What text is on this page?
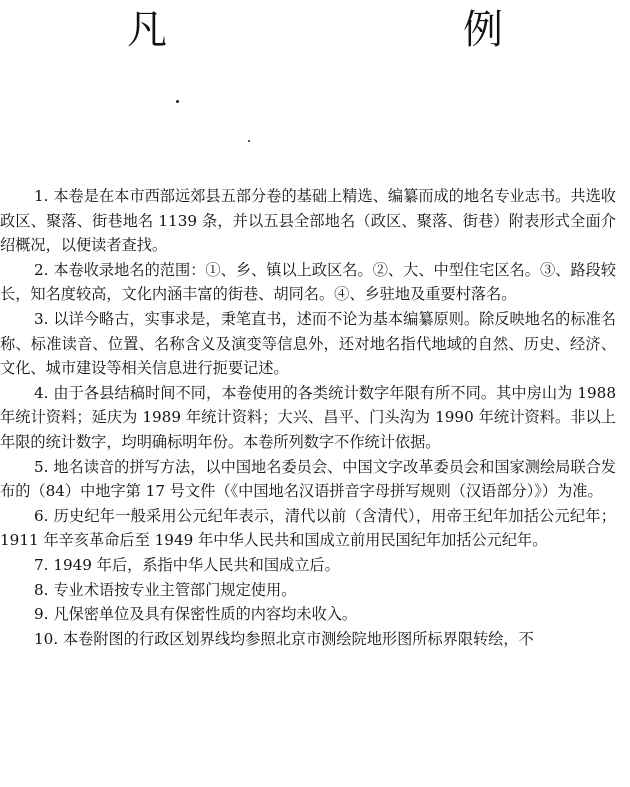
凡　　例

1. 本卷是在本市西部远郊县五部分卷的基础上精选、编纂而成的地名专业志书。共选收政区、聚落、街巷地名 1139 条，并以五县全部地名（政区、聚落、街巷）附表形式全面介绍概况，以便读者查找。

2. 本卷收录地名的范围：①、乡、镇以上政区名。②、大、中型住宅区名。③、路段较长，知名度较高，文化内涵丰富的街巷、胡同名。④、乡驻地及重要村落名。

3. 以详今略古，实事求是，秉笔直书，述而不论为基本编纂原则。除反映地名的标准名称、标准读音、位置、名称含义及演变等信息外，还对地名指代地域的自然、历史、经济、文化、城市建设等相关信息进行扼要记述。

4. 由于各县结稿时间不同，本卷使用的各类统计数字年限有所不同。其中房山为 1988 年统计资料；延庆为 1989 年统计资料；大兴、昌平、门头沟为 1990 年统计资料。非以上年限的统计数字，均明确标明年份。本卷所列数字不作统计依据。

5. 地名读音的拼写方法，以中国地名委员会、中国文字改革委员会和国家测绘局联合发布的（84）中地字第 17 号文件（《中国地名汉语拼音字母拼写规则（汉语部分）》）为准。

6. 历史纪年一般采用公元纪年表示，清代以前（含清代），用帝王纪年加括公元纪年；1911 年辛亥革命后至 1949 年中华人民共和国成立前用民国纪年加括公元纪年。

7. 1949 年后，系指中华人民共和国成立后。

8. 专业术语按专业主管部门规定使用。

9. 凡保密单位及具有保密性质的内容均未收入。

10. 本卷附图的行政区划界线均参照北京市测绘院地形图所标界限转绘，不
